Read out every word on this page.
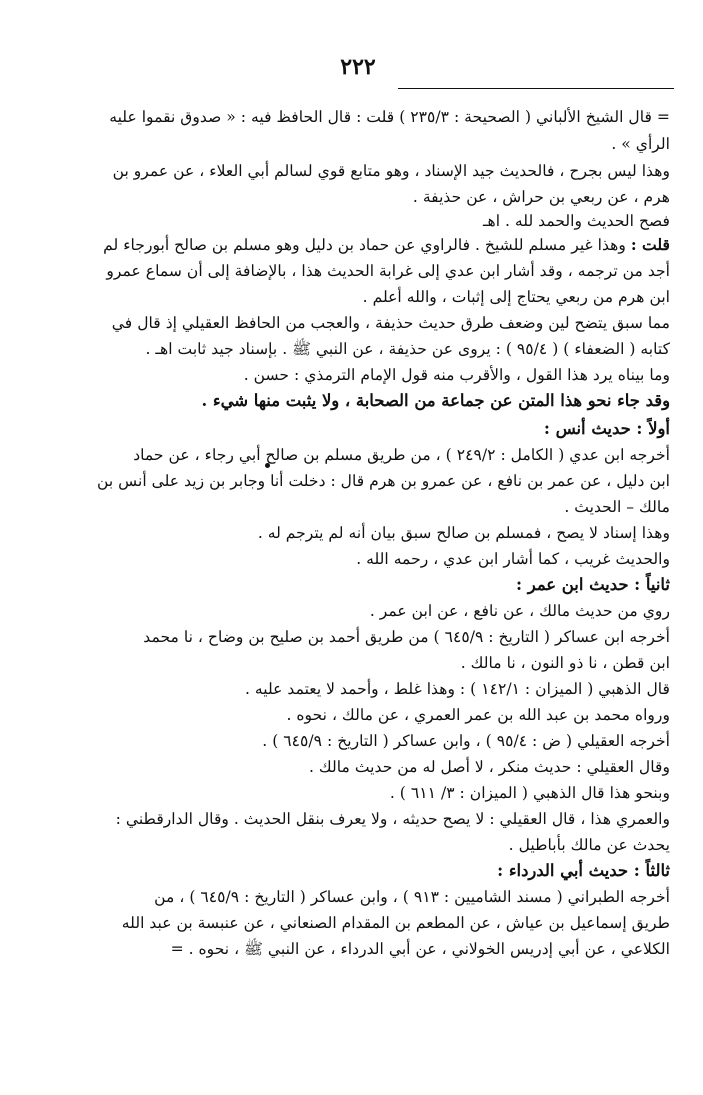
٢٢٢
= قال الشيخ الألباني ( الصحيحة : ٢٣٥/٣ ) قلت : قال الحافظ فيه : « صدوق نقموا عليه
الرأي » .
وهذا ليس بجرح ، فالحديث جيد الإسناد ، وهو متابع قوي لسالم أبي العلاء ، عن عمرو بن
هرم ، عن ربعي بن حراش ، عن حذيفة .
فصح الحديث والحمد لله . اهـ
قلت : وهذا غير مسلم للشيخ . فالراوي عن حماد بن دليل وهو مسلم بن صالح أبورجاء لم
أجد من ترجمه ، وقد أشار ابن عدي إلى غرابة الحديث هذا ، بالإضافة إلى أن سماع عمرو
ابن هرم من ربعي يحتاج إلى إثبات ، والله أعلم .
مما سبق يتضح لين وضعف طرق حديث حذيفة ، والعجب من الحافظ العقيلي إذ قال في
كتابه ( الضعفاء ) ( ٩٥/٤ ) : يروى عن حذيفة ، عن النبي ﷺ . بإسناد جيد ثابت اهـ .
وما بيناه يرد هذا القول ، والأقرب منه قول الإمام الترمذي : حسن .
وقد جاء نحو هذا المتن عن جماعة من الصحابة ، ولا يثبت منها شيء .
أولاً : حديث أنس :
أخرجه ابن عدي ( الكامل : ٢٤٩/٢ ) ، من طريق مسلم بن صالح أبي رجاء ، عن حماد
ابن دليل ، عن عمر بن نافع ، عن عمرو بن هرم قال : دخلت أنا وجابر بن زيد على أنس بن
مالك – الحديث .
وهذا إسناد لا يصح ، فمسلم بن صالح سبق بيان أنه لم يترجم له .
والحديث غريب ، كما أشار ابن عدي ، رحمه الله .
ثانياً : حديث ابن عمر :
روي من حديث مالك ، عن نافع ، عن ابن عمر .
أخرجه ابن عساكر ( التاريخ : ٦٤٥/٩ ) من طريق أحمد بن صليح بن وضاح ، نا محمد
ابن قطن ، نا ذو النون ، نا مالك .
قال الذهبي ( الميزان : ١٤٢/١ ) : وهذا غلط ، وأحمد لا يعتمد عليه .
ورواه محمد بن عبد الله بن عمر العمري ، عن مالك ، نحوه .
أخرجه العقيلي ( ض : ٩٥/٤ ) ، وابن عساكر ( التاريخ : ٦٤٥/٩ ) .
وقال العقيلي : حديث منكر ، لا أصل له من حديث مالك .
وبنحو هذا قال الذهبي ( الميزان : ٣/ ٦١١ ) .
والعمري هذا ، قال العقيلي : لا يصح حديثه ، ولا يعرف بنقل الحديث . وقال الدارقطني :
يحدث عن مالك بأباطيل .
ثالثاً : حديث أبي الدرداء :
أخرجه الطبراني ( مسند الشاميين : ٩١٣ ) ، وابن عساكر ( التاريخ : ٦٤٥/٩ ) ، من
طريق إسماعيل بن عياش ، عن المطعم بن المقدام الصنعاني ، عن عنبسة بن عبد الله
الكلاعي ، عن أبي إدريس الخولاني ، عن أبي الدرداء ، عن النبي ﷺ ، نحوه . =
